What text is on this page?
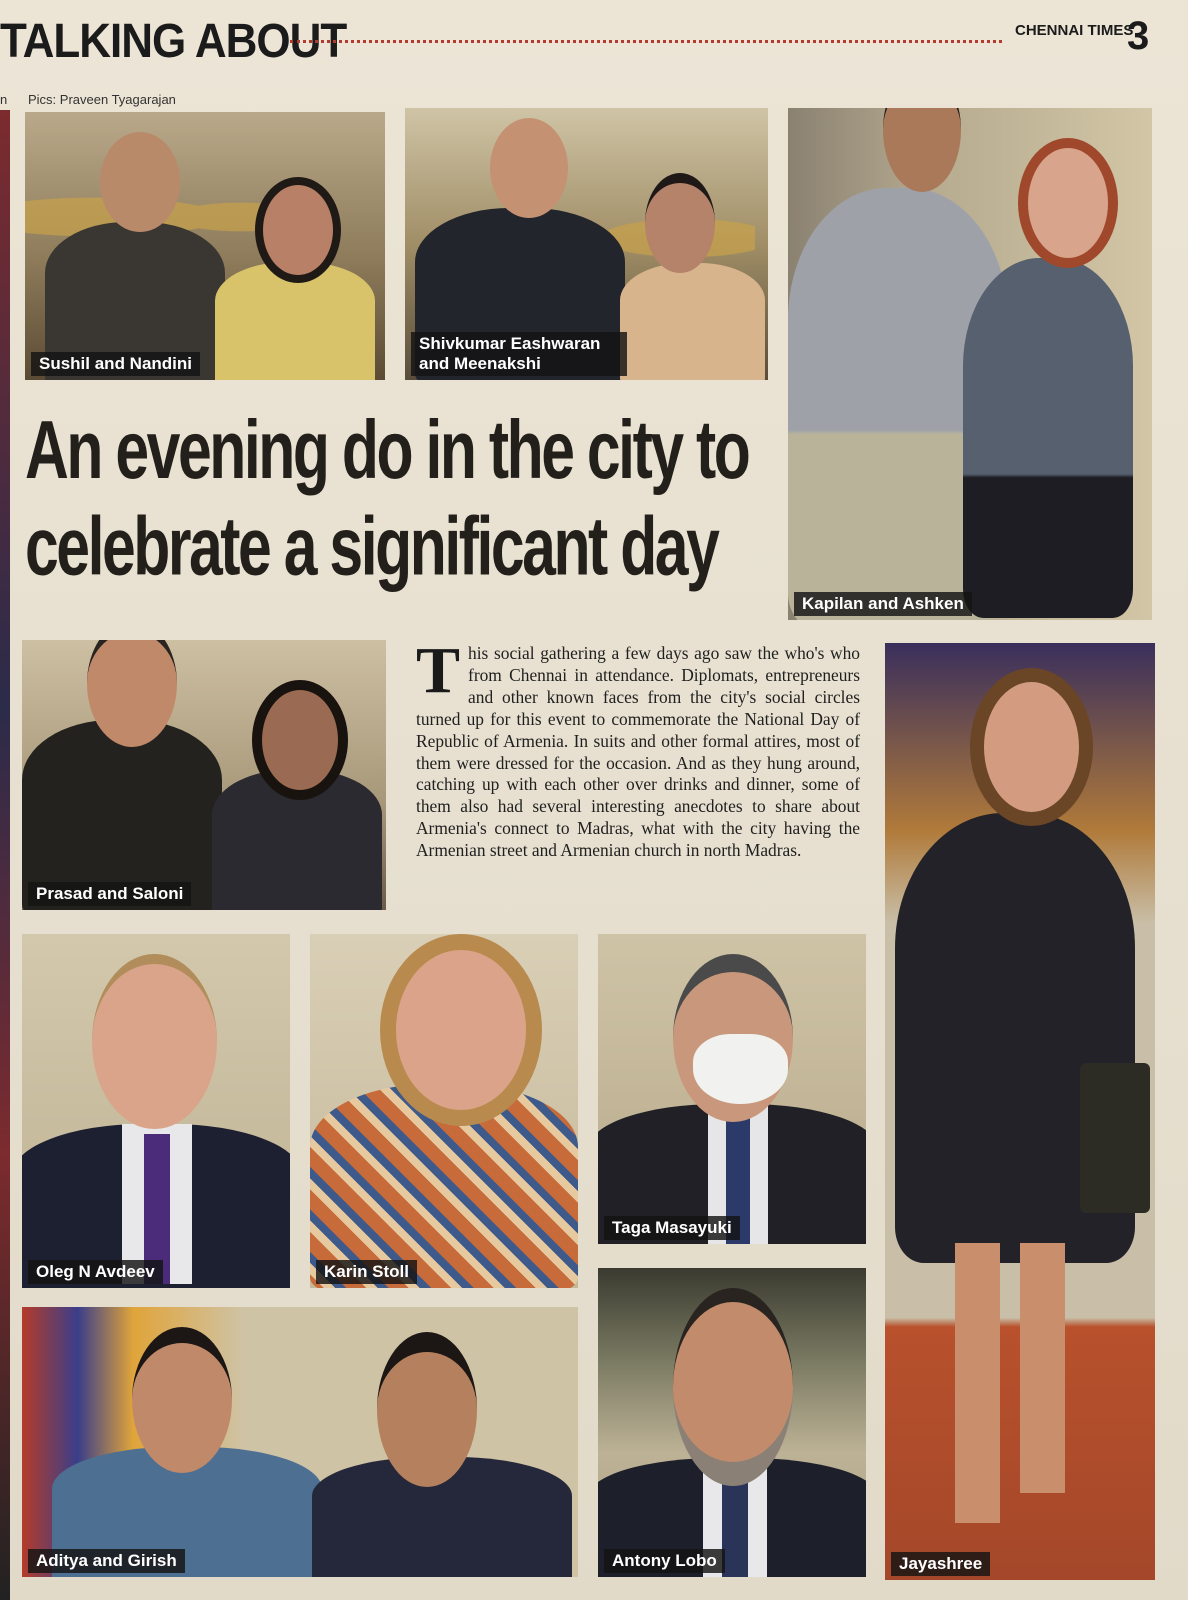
TALKING ABOUT	CHENNAI TIMES
3
n Pics: Praveen Tyagarajan
Sushil and Nandini
Shivkumar Eashwaran and Meenakshi
Kapilan and Ashken
An evening do in the city to
celebrate a significant day
Prasad and Saloni
This social gathering a few days ago saw the who's who from Chennai in attendance. Diplomats, entrepreneurs and other known faces from the city's social circles turned up for this event to commemorate the National Day of Republic of Armenia. In suits and other formal attires, most of them were dressed for the occasion. And as they hung around, catching up with each other over drinks and dinner, some of them also had several interesting anecdotes to share about Armenia's connect to Madras, what with the city having the Armenian street and Armenian church in north Madras.
Jayashree
Oleg N Avdeev	Karin Stoll
Taga Masayuki
Aditya and Girish	Antony Lobo
